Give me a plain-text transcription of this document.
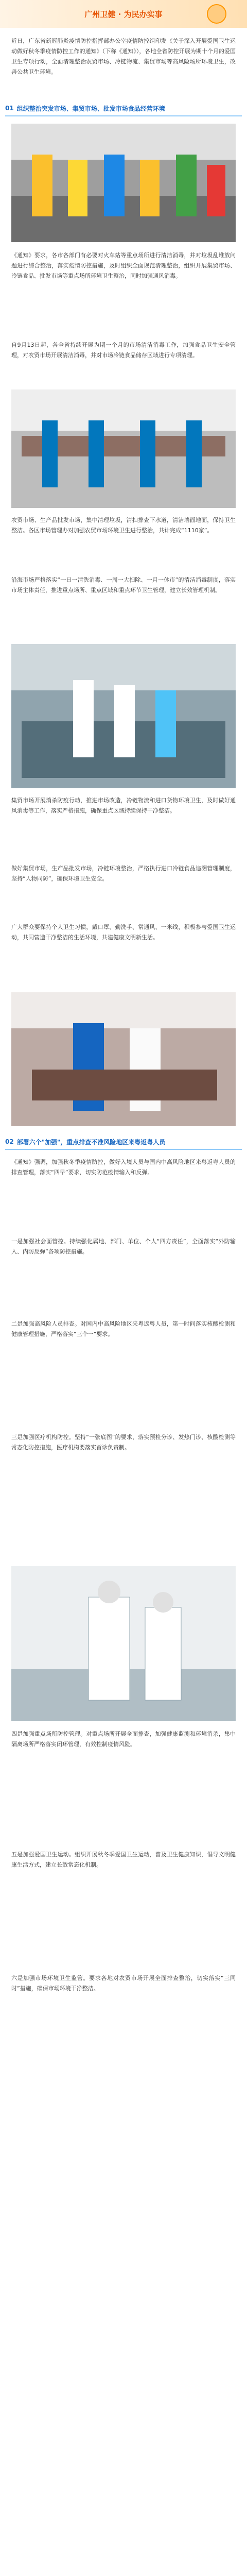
广州卫健 · 为民办实事
近日，广东省新冠肺炎疫情防控指挥部办公室疫情防控组印发《关于深入开展爱国卫生运动做好秋冬季疫情防控工作的通知》（下称《通知》），各地全省防控开展为期十个月的爱国卫生专项行动，全面清理整治农贸市场、冷链物流、集贸市场等高风险场所环境卫生，改善公共卫生环境。
01 组织整治突发市场、集贸市场、批发市场食品经营环境
《通知》要求，各市各部门有必要对火车站等重点场所进行清洁消毒，并对垃圾乱堆放问题进行综合整治，落实疫情防控措施，及时组织全面规范清理整治，组织开展集贸市场、冷链食品、批发市场等重点场所环境卫生整治，同时加强通风消毒。
自9月13日起，各全省持续开展为期一个月的市场清洁消毒工作，加强食品卫生安全管理，对农贸市场开展清洁消毒，并对市场冷链食品储存区域进行专项清理。
农贸市场、生产品批发市场，集中清理垃圾，清扫排查下水道，清洁墙面地面，保持卫生整洁。各区市场管理办对加强农贸市场环境卫生进行整治，共计完成“1110家”。
沿海市场严格落实“一日一清洗消毒、一周一大扫除、一月一休市”的清洁消毒制度，落实市场主体责任，推进重点场所、重点区域和重点环节卫生管理，建立长效管理机制。
集贸市场开展消杀防疫行动，推进市场改造，冷链物流和进口货物环境卫生，及时做好通风消毒等工作，落实严格措施，确保重点区域持续保持干净整洁。
做好集贸市场，生产品批发市场，冷链环境整治，严格执行进口冷链食品追溯管理制度，坚持“人物同防”，确保环境卫生安全。
广大群众要保持个人卫生习惯，戴口罩、勤洗手、常通风、一米线，积极参与爱国卫生运动，共同营造干净整洁的生活环境，共建健康文明新生活。
02 部署六个"加强"，重点排查不准风险地区来粤返粤人员
《通知》强调，加强秋冬季疫情防控，做好入境人员与国内中高风险地区来粤返粤人员的排查管理，落实“四早”要求，切实防范疫情输入和反弹。
一是加强社会面管控。持续强化属地、部门、单位、个人“四方责任”，全面落实“外防输入、内防反弹”各项防控措施。
二是加强高风险人员排查。对国内中高风险地区来粤返粤人员，第一时间落实核酸检测和健康管理措施，严格落实“三个一”要求。
三是加强医疗机构防控。坚持“一张底图”的要求，落实预检分诊、发热门诊、核酸检测等常态化防控措施，医疗机构要落实首诊负责制。
四是加强重点场所防控管理。对重点场所开展全面排查，加强健康监测和环境消杀，集中隔离场所严格落实闭环管理，有效控制疫情风险。
五是加强爱国卫生运动。组织开展秋冬季爱国卫生运动，普及卫生健康知识，倡导文明健康生活方式，建立长效常态化机制。
六是加强市场环境卫生监管。要求各地对农贸市场开展全面排查整治，切实落实“三同时”措施，确保市场环境干净整洁。
